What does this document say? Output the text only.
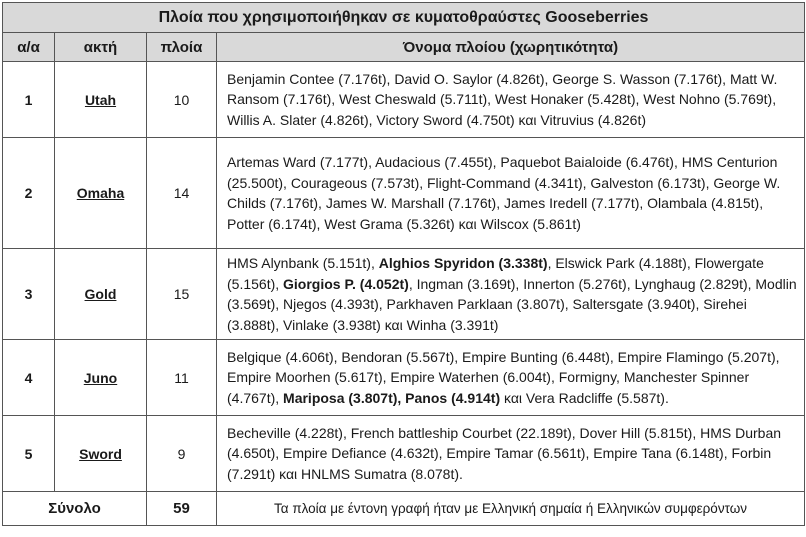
Πλοία που χρησιμοποιήθηκαν σε κυματοθραύστες Gooseberries			
α/α	ακτή	πλοία	Όνομα πλοίου (χωρητικότητα)
1	Utah	10	Benjamin Contee (7.176t), David O. Saylor (4.826t), George S. Wasson (7.176t), Matt W. Ransom (7.176t), West Cheswald (5.711t), West Honaker (5.428t), West Nohno (5.769t), Willis A. Slater (4.826t), Victory Sword (4.750t) και Vitruvius (4.826t)
2	Omaha	14	Artemas Ward (7.177t), Audacious (7.455t), Paquebot Baialoide (6.476t), HMS Centurion (25.500t), Courageous (7.573t), Flight-Command (4.341t), Galveston (6.173t), George W. Childs (7.176t), James W. Marshall (7.176t), James Iredell (7.177t), Olambala (4.815t), Potter (6.174t), West Grama (5.326t) και Wilscox (5.861t)
3	Gold	15	HMS Alynbank (5.151t), Alghios Spyridon (3.338t), Elswick Park (4.188t), Flowergate (5.156t), Giorgios P. (4.052t), Ingman (3.169t), Innerton (5.276t), Lynghaug (2.829t), Modlin (3.569t), Njegos (4.393t), Parkhaven Parklaan (3.807t), Saltersgate (3.940t), Sirehei (3.888t), Vinlake (3.938t) και Winha (3.391t)
4	Juno	11	Belgique (4.606t), Bendoran (5.567t), Empire Bunting (6.448t), Empire Flamingo (5.207t), Empire Moorhen (5.617t), Empire Waterhen (6.004t), Formigny, Manchester Spinner (4.767t), Mariposa (3.807t), Panos (4.914t) και Vera Radcliffe (5.587t).
5	Sword	9	Becheville (4.228t), French battleship Courbet (22.189t), Dover Hill (5.815t), HMS Durban (4.650t), Empire Defiance (4.632t), Empire Tamar (6.561t), Empire Tana (6.148t), Forbin (7.291t) και HNLMS Sumatra (8.078t).
Σύνολο		59	Τα πλοία με έντονη γραφή ήταν με Ελληνική σημαία ή Ελληνικών συμφερόντων
